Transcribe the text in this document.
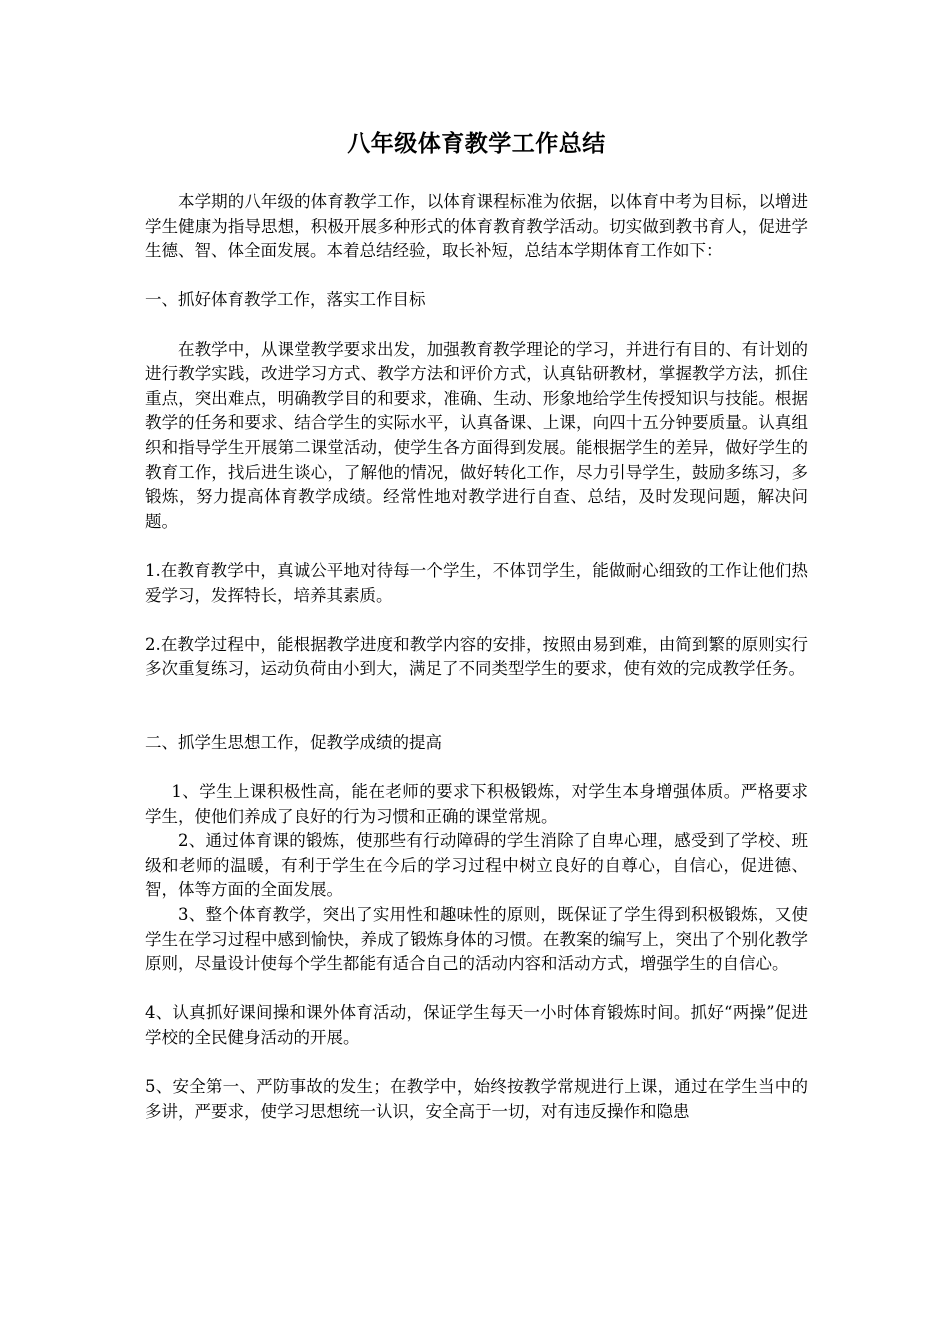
八年级体育教学工作总结

本学期的八年级的体育教学工作，以体育课程标准为依据，以体育中考为目标，以增进学生健康为指导思想，积极开展多种形式的体育教育教学活动。切实做到教书育人，促进学生德、智、体全面发展。本着总结经验，取长补短，总结本学期体育工作如下：

一、抓好体育教学工作，落实工作目标

在教学中，从课堂教学要求出发，加强教育教学理论的学习，并进行有目的、有计划的进行教学实践，改进学习方式、教学方法和评价方式，认真钻研教材，掌握教学方法，抓住重点，突出难点，明确教学目的和要求，准确、生动、形象地给学生传授知识与技能。根据教学的任务和要求、结合学生的实际水平，认真备课、上课，向四十五分钟要质量。认真组织和指导学生开展第二课堂活动，使学生各方面得到发展。能根据学生的差异，做好学生的教育工作，找后进生谈心，了解他的情况，做好转化工作，尽力引导学生，鼓励多练习，多锻炼，努力提高体育教学成绩。经常性地对教学进行自查、总结，及时发现问题，解决问题。

1.在教育教学中，真诚公平地对待每一个学生，不体罚学生，能做耐心细致的工作让他们热爱学习，发挥特长，培养其素质。

2.在教学过程中，能根据教学进度和教学内容的安排，按照由易到难，由简到繁的原则实行多次重复练习，运动负荷由小到大，满足了不同类型学生的要求，使有效的完成教学任务。

二、抓学生思想工作，促教学成绩的提高

1、学生上课积极性高，能在老师的要求下积极锻炼，对学生本身增强体质。严格要求学生，使他们养成了良好的行为习惯和正确的课堂常规。

2、通过体育课的锻炼，使那些有行动障碍的学生消除了自卑心理，感受到了学校、班级和老师的温暖，有利于学生在今后的学习过程中树立良好的自尊心，自信心，促进德、智，体等方面的全面发展。

3、整个体育教学，突出了实用性和趣味性的原则，既保证了学生得到积极锻炼，又使学生在学习过程中感到愉快，养成了锻炼身体的习惯。在教案的编写上，突出了个别化教学原则，尽量设计使每个学生都能有适合自己的活动内容和活动方式，增强学生的自信心。

4、认真抓好课间操和课外体育活动，保证学生每天一小时体育锻炼时间。抓好“两操”促进学校的全民健身活动的开展。

5、安全第一、严防事故的发生；在教学中，始终按教学常规进行上课，通过在学生当中的多讲，严要求，使学习思想统一认识，安全高于一切，对有违反操作和隐患
